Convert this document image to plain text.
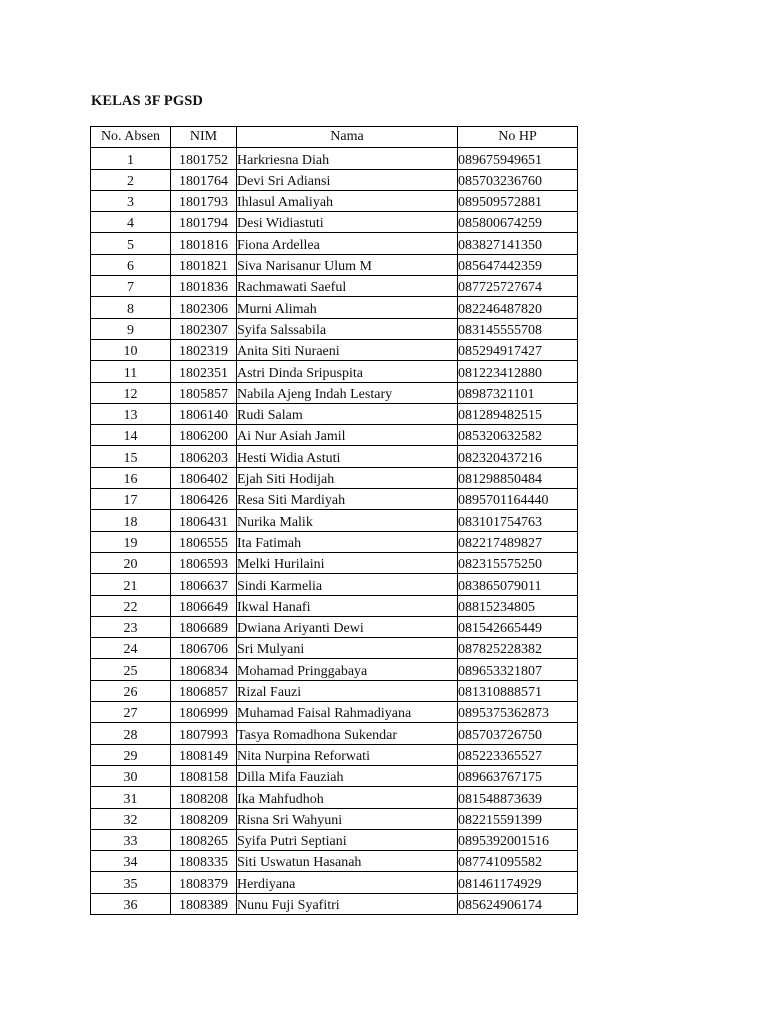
KELAS 3F PGSD
No. Absen	NIM	Nama	No HP
1	1801752	Harkriesna Diah	089675949651
2	1801764	Devi Sri Adiansi	085703236760
3	1801793	Ihlasul Amaliyah	089509572881
4	1801794	Desi Widiastuti	085800674259
5	1801816	Fiona Ardellea	083827141350
6	1801821	Siva Narisanur Ulum M	085647442359
7	1801836	Rachmawati Saeful	087725727674
8	1802306	Murni Alimah	082246487820
9	1802307	Syifa Salssabila	083145555708
10	1802319	Anita Siti Nuraeni	085294917427
11	1802351	Astri Dinda Sripuspita	081223412880
12	1805857	Nabila Ajeng Indah Lestary	08987321101
13	1806140	Rudi Salam	081289482515
14	1806200	Ai Nur Asiah Jamil	085320632582
15	1806203	Hesti Widia Astuti	082320437216
16	1806402	Ejah Siti Hodijah	081298850484
17	1806426	Resa Siti Mardiyah	0895701164440
18	1806431	Nurika Malik	083101754763
19	1806555	Ita Fatimah	082217489827
20	1806593	Melki Hurilaini	082315575250
21	1806637	Sindi Karmelia	083865079011
22	1806649	Ikwal Hanafi	08815234805
23	1806689	Dwiana Ariyanti Dewi	081542665449
24	1806706	Sri Mulyani	087825228382
25	1806834	Mohamad Pringgabaya	089653321807
26	1806857	Rizal Fauzi	081310888571
27	1806999	Muhamad Faisal Rahmadiyana	0895375362873
28	1807993	Tasya Romadhona Sukendar	085703726750
29	1808149	Nita Nurpina Reforwati	085223365527
30	1808158	Dilla Mifa Fauziah	089663767175
31	1808208	Ika Mahfudhoh	081548873639
32	1808209	Risna Sri Wahyuni	082215591399
33	1808265	Syifa Putri Septiani	0895392001516
34	1808335	Siti Uswatun Hasanah	087741095582
35	1808379	Herdiyana	081461174929
36	1808389	Nunu Fuji Syafitri	085624906174
